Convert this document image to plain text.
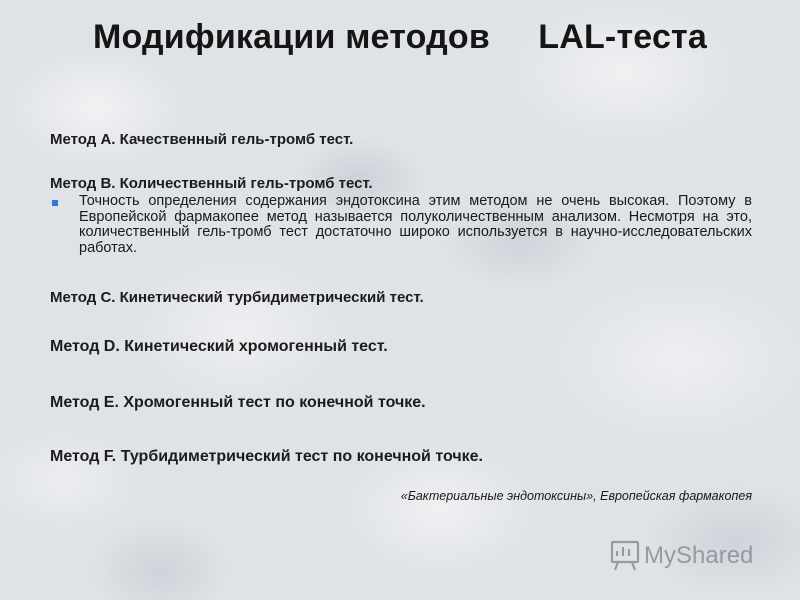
Модификации методов     LAL-теста
Метод A. Качественный гель-тромб тест.
Метод B. Количественный гель-тромб тест.
Точность определения содержания эндотоксина этим методом не очень высокая. Поэтому в Европейской фармакопее метод называется полуколичественным анализом. Несмотря на это, количественный гель-тромб тест достаточно широко используется в научно-исследовательских работах.
Метод C. Кинетический турбидиметрический тест.
Метод D. Кинетический хромогенный тест.
Метод E. Хромогенный тест по конечной точке.
Метод F. Турбидиметрический тест по конечной точке.
«Бактериальные эндотоксины», Европейская фармакопея
MyShared
